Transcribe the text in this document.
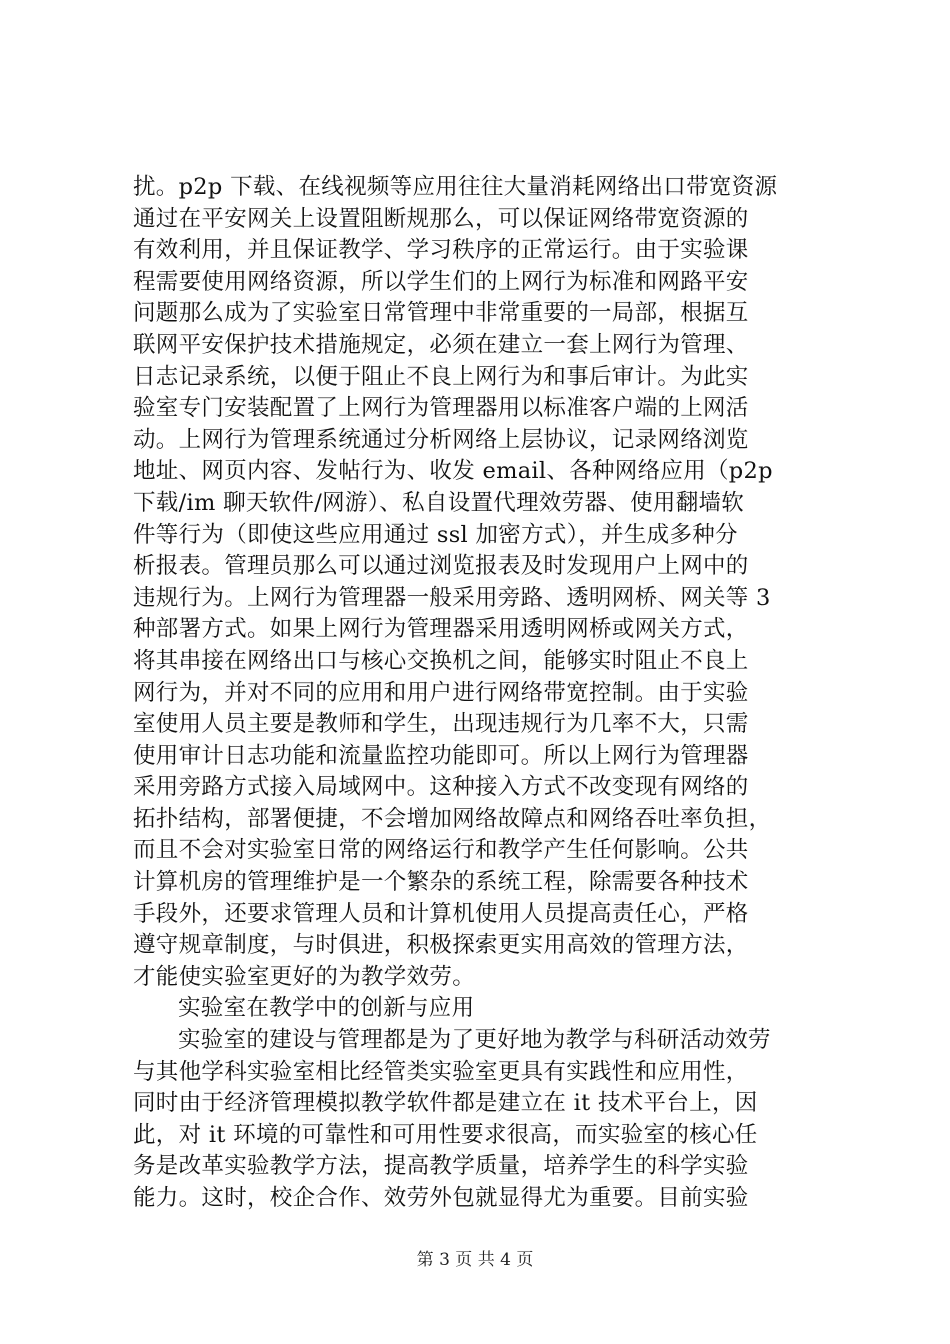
扰。p2p 下载、在线视频等应用往往大量消耗网络出口带宽资源
通过在平安网关上设置阻断规那么，可以保证网络带宽资源的
有效利用，并且保证教学、学习秩序的正常运行。由于实验课
程需要使用网络资源，所以学生们的上网行为标准和网路平安
问题那么成为了实验室日常管理中非常重要的一局部，根据互
联网平安保护技术措施规定，必须在建立一套上网行为管理、
日志记录系统，以便于阻止不良上网行为和事后审计。为此实
验室专门安装配置了上网行为管理器用以标准客户端的上网活
动。上网行为管理系统通过分析网络上层协议，记录网络浏览
地址、网页内容、发帖行为、收发 email、各种网络应用（p2p
下载/im 聊天软件/网游）、私自设置代理效劳器、使用翻墙软
件等行为（即使这些应用通过 ssl 加密方式），并生成多种分
析报表。管理员那么可以通过浏览报表及时发现用户上网中的
违规行为。上网行为管理器一般采用旁路、透明网桥、网关等 3
种部署方式。如果上网行为管理器采用透明网桥或网关方式，
将其串接在网络出口与核心交换机之间，能够实时阻止不良上
网行为，并对不同的应用和用户进行网络带宽控制。由于实验
室使用人员主要是教师和学生，出现违规行为几率不大，只需
使用审计日志功能和流量监控功能即可。所以上网行为管理器
采用旁路方式接入局域网中。这种接入方式不改变现有网络的
拓扑结构，部署便捷，不会增加网络故障点和网络吞吐率负担，
而且不会对实验室日常的网络运行和教学产生任何影响。公共
计算机房的管理维护是一个繁杂的系统工程，除需要各种技术
手段外，还要求管理人员和计算机使用人员提高责任心，严格
遵守规章制度，与时俱进，积极探索更实用高效的管理方法，
才能使实验室更好的为教学效劳。
实验室在教学中的创新与应用
实验室的建设与管理都是为了更好地为教学与科研活动效劳
与其他学科实验室相比经管类实验室更具有实践性和应用性，
同时由于经济管理模拟教学软件都是建立在 it 技术平台上，因
此，对 it 环境的可靠性和可用性要求很高，而实验室的核心任
务是改革实验教学方法，提高教学质量，培养学生的科学实验
能力。这时，校企合作、效劳外包就显得尤为重要。目前实验
第 3 页 共 4 页
